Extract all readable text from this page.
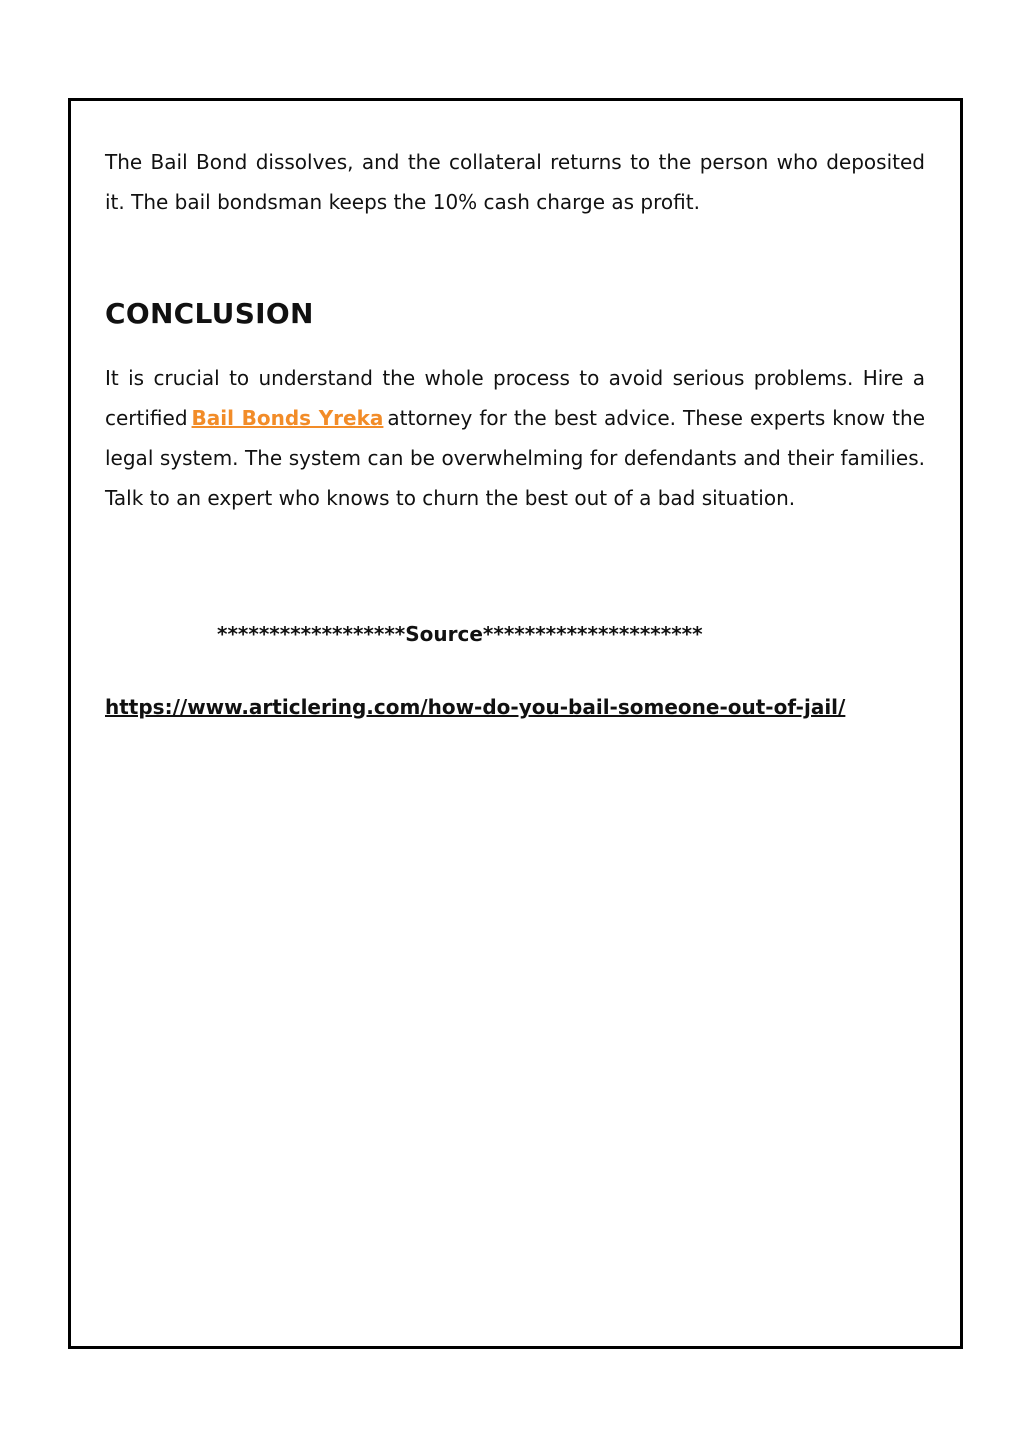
The Bail Bond dissolves, and the collateral returns to the person who deposited it. The bail bondsman keeps the 10% cash charge as profit.

CONCLUSION

It is crucial to understand the whole process to avoid serious problems. Hire a certified Bail Bonds Yreka attorney for the best advice. These experts know the legal system. The system can be overwhelming for defendants and their families. Talk to an expert who knows to churn the best out of a bad situation.

******************Source*********************

https://www.articlering.com/how-do-you-bail-someone-out-of-jail/
